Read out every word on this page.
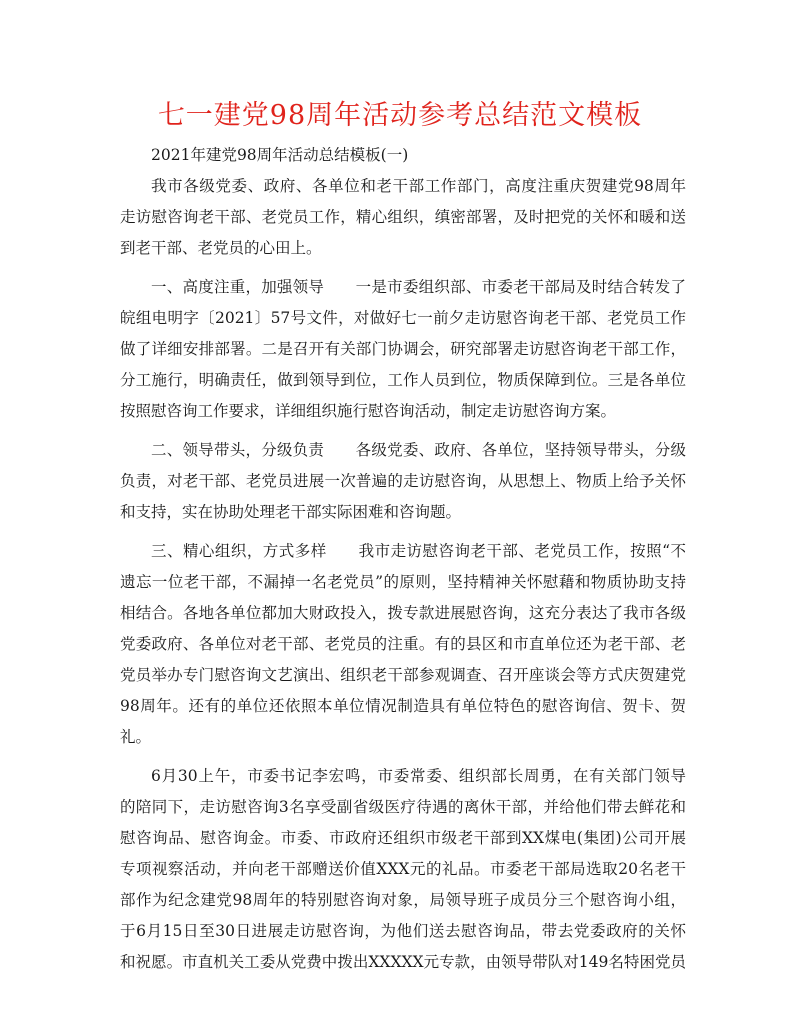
七一建党98周年活动参考总结范文模板
2021年建党98周年活动总结模板(一)
我市各级党委、政府、各单位和老干部工作部门，高度注重庆贺建党98周年
走访慰咨询老干部、老党员工作，精心组织，缜密部署，及时把党的关怀和暖和送
到老干部、老党员的心田上。
一、高度注重，加强领导　　一是市委组织部、市委老干部局及时结合转发了
皖组电明字〔2021〕57号文件，对做好七一前夕走访慰咨询老干部、老党员工作
做了详细安排部署。二是召开有关部门协调会，研究部署走访慰咨询老干部工作，
分工施行，明确责任，做到领导到位，工作人员到位，物质保障到位。三是各单位
按照慰咨询工作要求，详细组织施行慰咨询活动，制定走访慰咨询方案。
二、领导带头，分级负责　　各级党委、政府、各单位，坚持领导带头，分级
负责，对老干部、老党员进展一次普遍的走访慰咨询，从思想上、物质上给予关怀
和支持，实在协助处理老干部实际困难和咨询题。
三、精心组织，方式多样　　我市走访慰咨询老干部、老党员工作，按照“不
遗忘一位老干部，不漏掉一名老党员”的原则，坚持精神关怀慰藉和物质协助支持
相结合。各地各单位都加大财政投入，拨专款进展慰咨询，这充分表达了我市各级
党委政府、各单位对老干部、老党员的注重。有的县区和市直单位还为老干部、老
党员举办专门慰咨询文艺演出、组织老干部参观调查、召开座谈会等方式庆贺建党
98周年。还有的单位还依照本单位情况制造具有单位特色的慰咨询信、贺卡、贺
礼。
6月30上午，市委书记李宏鸣，市委常委、组织部长周勇，在有关部门领导
的陪同下，走访慰咨询3名享受副省级医疗待遇的离休干部，并给他们带去鲜花和
慰咨询品、慰咨询金。市委、市政府还组织市级老干部到XX煤电(集团)公司开展
专项视察活动，并向老干部赠送价值XXX元的礼品。市委老干部局选取20名老干
部作为纪念建党98周年的特别慰咨询对象，局领导班子成员分三个慰咨询小组，
于6月15日至30日进展走访慰咨询，为他们送去慰咨询品，带去党委政府的关怀
和祝愿。市直机关工委从党费中拨出XXXXX元专款，由领导带队对149名特困党员
